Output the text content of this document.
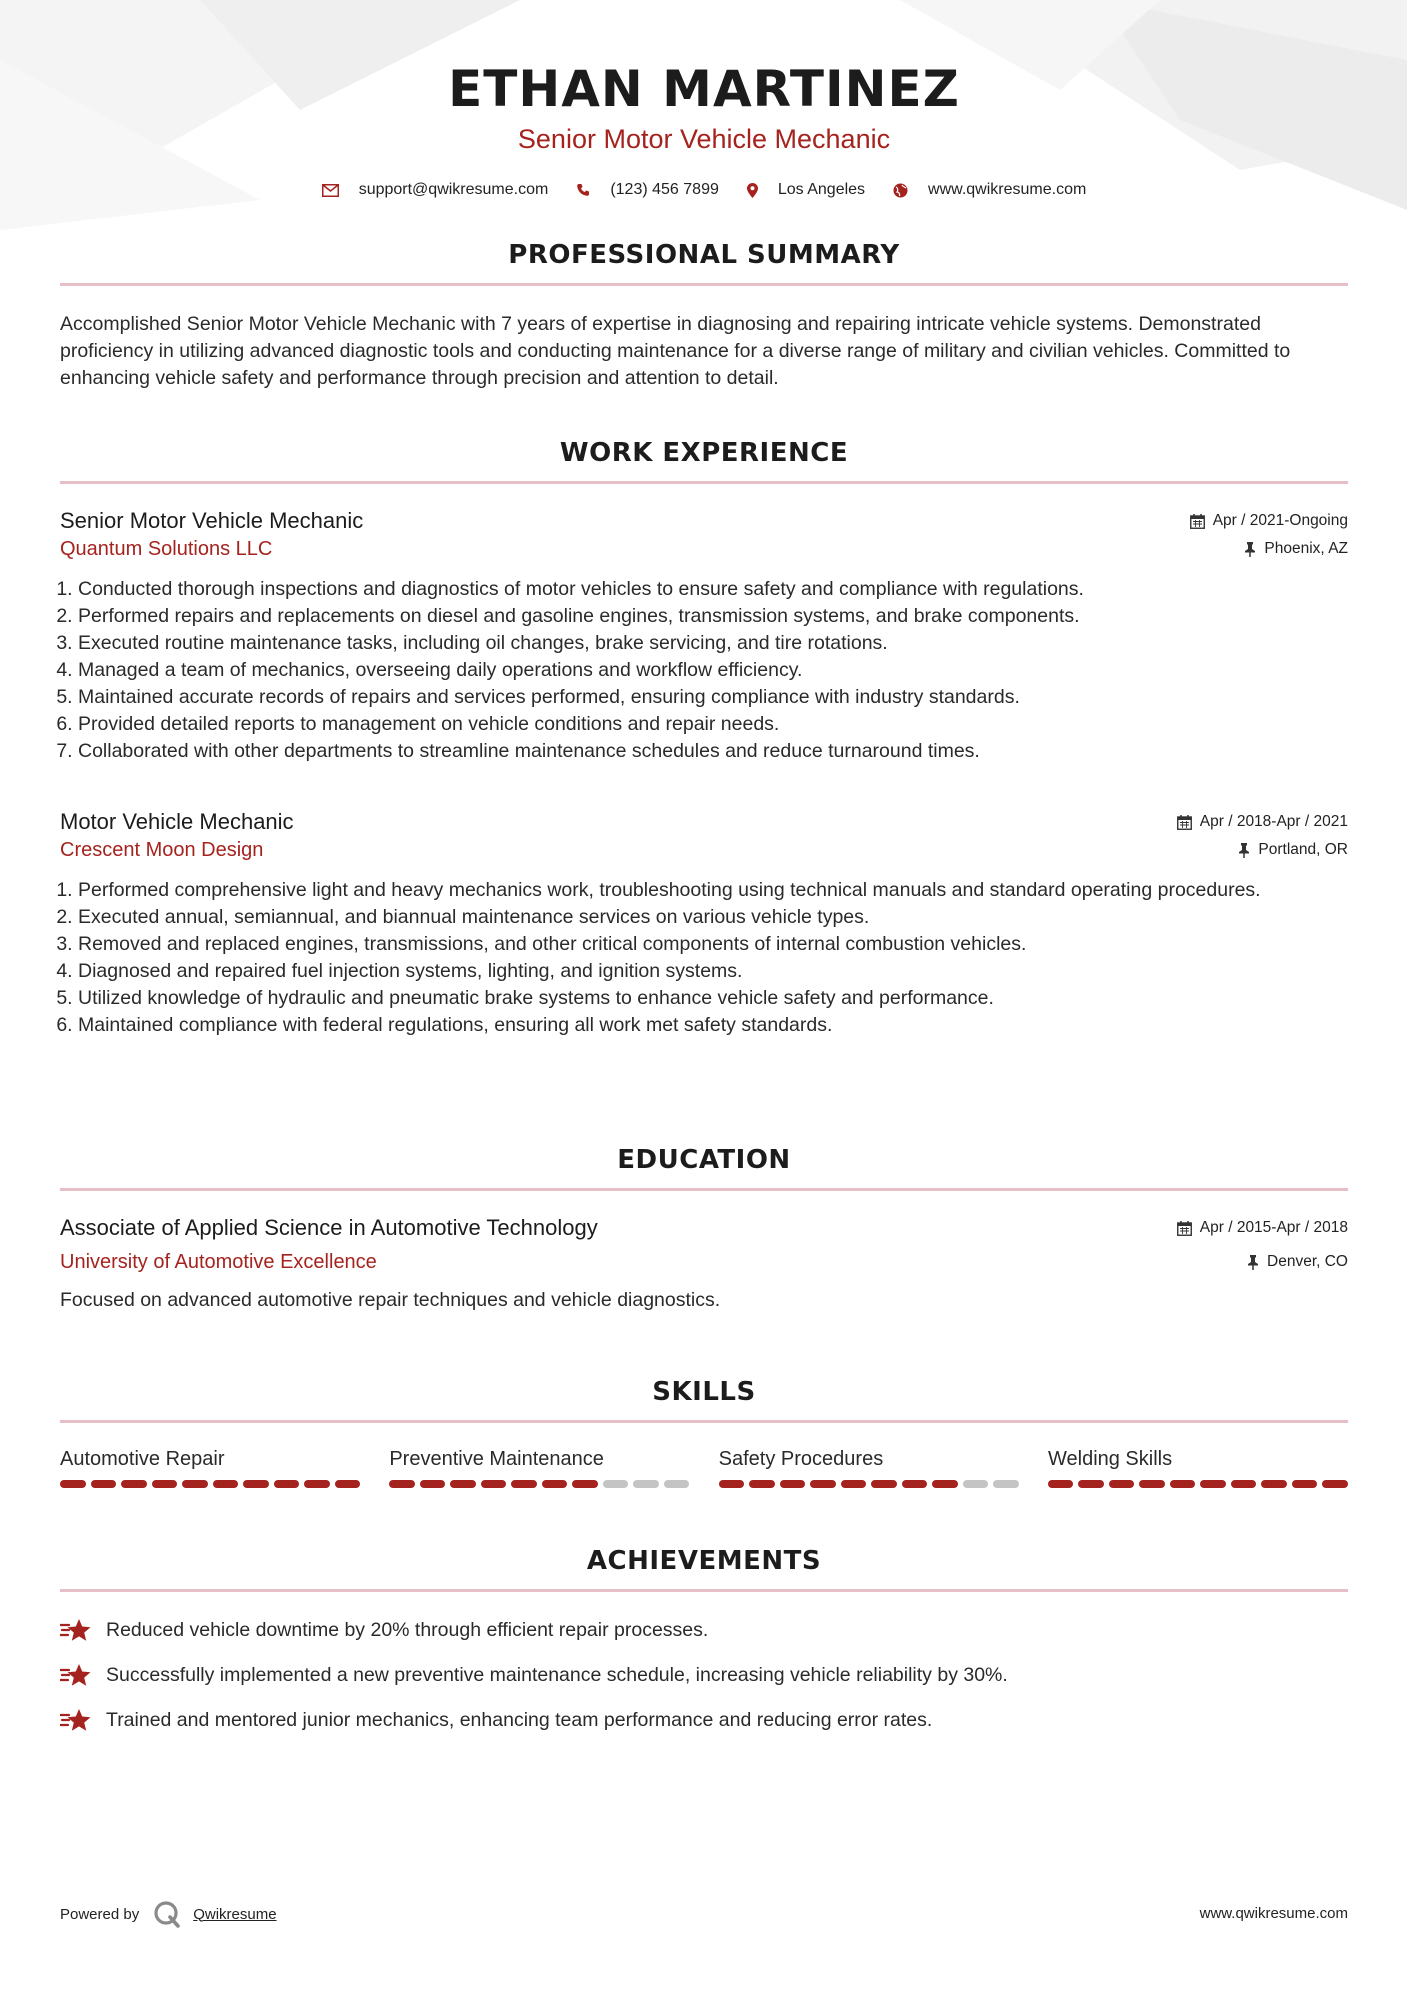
ETHAN MARTINEZ
Senior Motor Vehicle Mechanic
support@qwikresume.com	(123) 456 7899	Los Angeles	www.qwikresume.com
PROFESSIONAL SUMMARY
Accomplished Senior Motor Vehicle Mechanic with 7 years of expertise in diagnosing and repairing intricate vehicle systems. Demonstrated proficiency in utilizing advanced diagnostic tools and conducting maintenance for a diverse range of military and civilian vehicles. Committed to enhancing vehicle safety and performance through precision and attention to detail.
WORK EXPERIENCE
Senior Motor Vehicle Mechanic	Apr / 2021-Ongoing
Quantum Solutions LLC	Phoenix, AZ
1. Conducted thorough inspections and diagnostics of motor vehicles to ensure safety and compliance with regulations.
2. Performed repairs and replacements on diesel and gasoline engines, transmission systems, and brake components.
3. Executed routine maintenance tasks, including oil changes, brake servicing, and tire rotations.
4. Managed a team of mechanics, overseeing daily operations and workflow efficiency.
5. Maintained accurate records of repairs and services performed, ensuring compliance with industry standards.
6. Provided detailed reports to management on vehicle conditions and repair needs.
7. Collaborated with other departments to streamline maintenance schedules and reduce turnaround times.
Motor Vehicle Mechanic	Apr / 2018-Apr / 2021
Crescent Moon Design	Portland, OR
1. Performed comprehensive light and heavy mechanics work, troubleshooting using technical manuals and standard operating procedures.
2. Executed annual, semiannual, and biannual maintenance services on various vehicle types.
3. Removed and replaced engines, transmissions, and other critical components of internal combustion vehicles.
4. Diagnosed and repaired fuel injection systems, lighting, and ignition systems.
5. Utilized knowledge of hydraulic and pneumatic brake systems to enhance vehicle safety and performance.
6. Maintained compliance with federal regulations, ensuring all work met safety standards.
EDUCATION
Associate of Applied Science in Automotive Technology	Apr / 2015-Apr / 2018
University of Automotive Excellence	Denver, CO
Focused on advanced automotive repair techniques and vehicle diagnostics.
SKILLS
Automotive Repair	Preventive Maintenance	Safety Procedures	Welding Skills
ACHIEVEMENTS
Reduced vehicle downtime by 20% through efficient repair processes.
Successfully implemented a new preventive maintenance schedule, increasing vehicle reliability by 30%.
Trained and mentored junior mechanics, enhancing team performance and reducing error rates.
Powered by	Qwikresume	www.qwikresume.com
